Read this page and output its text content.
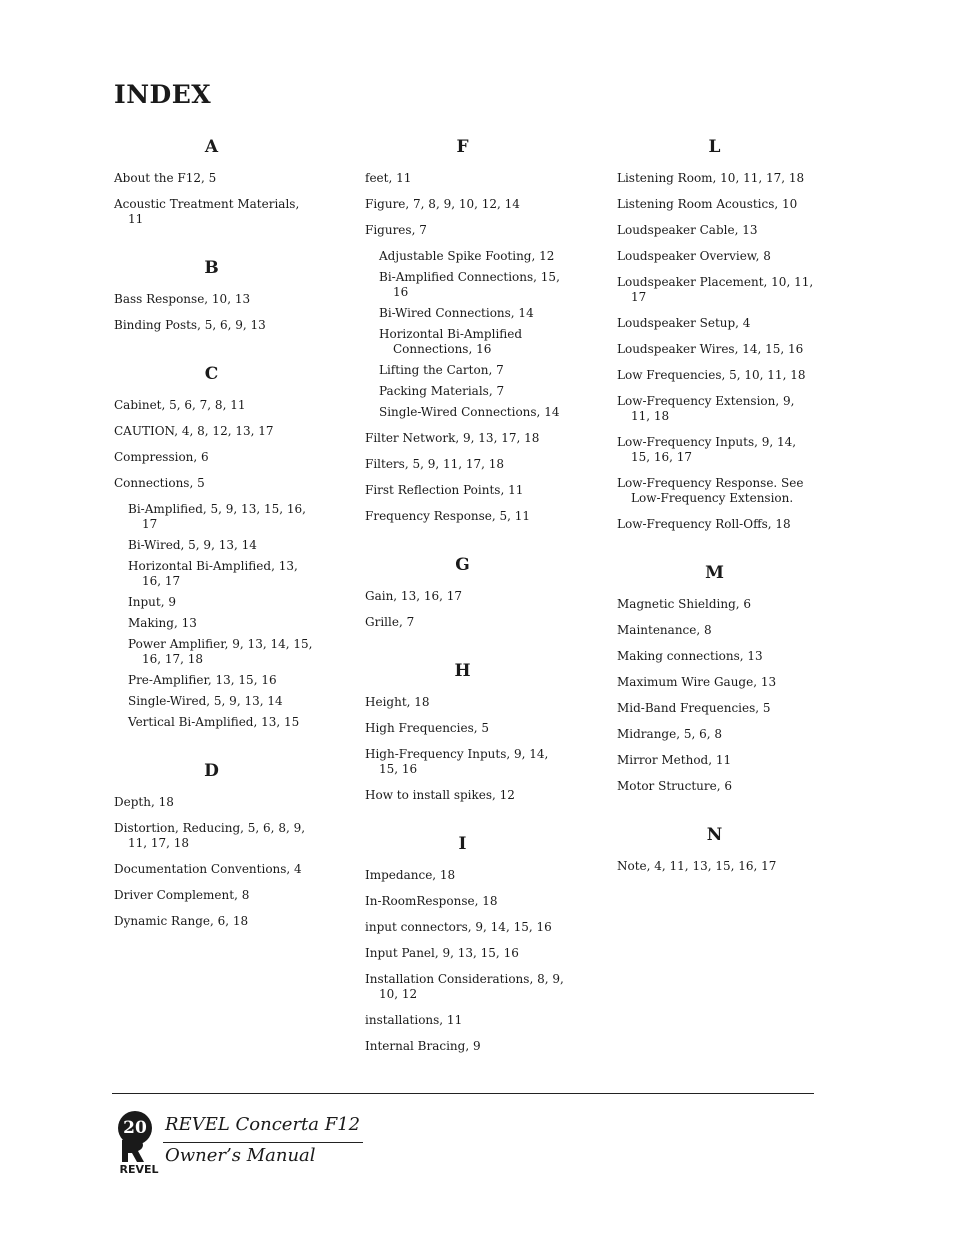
INDEX
A
About the F12, 5
Acoustic Treatment Materials, 11
B
Bass Response, 10, 13
Binding Posts, 5, 6, 9, 13
C
Cabinet, 5, 6, 7, 8, 11
CAUTION, 4, 8, 12, 13, 17
Compression, 6
Connections, 5
Bi-Amplified, 5, 9, 13, 15, 16, 17
Bi-Wired, 5, 9, 13, 14
Horizontal Bi-Amplified, 13, 16, 17
Input, 9
Making, 13
Power Amplifier, 9, 13, 14, 15, 16, 17, 18
Pre-Amplifier, 13, 15, 16
Single-Wired, 5, 9, 13, 14
Vertical Bi-Amplified, 13, 15
D
Depth, 18
Distortion, Reducing, 5, 6, 8, 9, 11, 17, 18
Documentation Conventions, 4
Driver Complement, 8
Dynamic Range, 6, 18
F
feet, 11
Figure, 7, 8, 9, 10, 12, 14
Figures, 7
Adjustable Spike Footing, 12
Bi-Amplified Connections, 15, 16
Bi-Wired Connections, 14
Horizontal Bi-Amplified Connections, 16
Lifting the Carton, 7
Packing Materials, 7
Single-Wired Connections, 14
Filter Network, 9, 13, 17, 18
Filters, 5, 9, 11, 17, 18
First Reflection Points, 11
Frequency Response, 5, 11
G
Gain, 13, 16, 17
Grille, 7
H
Height, 18
High Frequencies, 5
High-Frequency Inputs, 9, 14, 15, 16
How to install spikes, 12
I
Impedance, 18
In-RoomResponse, 18
input connectors, 9, 14, 15, 16
Input Panel, 9, 13, 15, 16
Installation Considerations, 8, 9, 10, 12
installations, 11
Internal Bracing, 9
L
Listening Room, 10, 11, 17, 18
Listening Room Acoustics, 10
Loudspeaker Cable, 13
Loudspeaker Overview, 8
Loudspeaker Placement, 10, 11, 17
Loudspeaker Setup, 4
Loudspeaker Wires, 14, 15, 16
Low Frequencies, 5, 10, 11, 18
Low-Frequency Extension, 9, 11, 18
Low-Frequency Inputs, 9, 14, 15, 16, 17
Low-Frequency Response. See Low-Frequency Extension.
Low-Frequency Roll-Offs, 18
M
Magnetic Shielding, 6
Maintenance, 8
Making connections, 13
Maximum Wire Gauge, 13
Mid-Band Frequencies, 5
Midrange, 5, 6, 8
Mirror Method, 11
Motor Structure, 6
N
Note, 4, 11, 13, 15, 16, 17
20
REVEL
REVEL Concerta F12
Owner’s Manual
